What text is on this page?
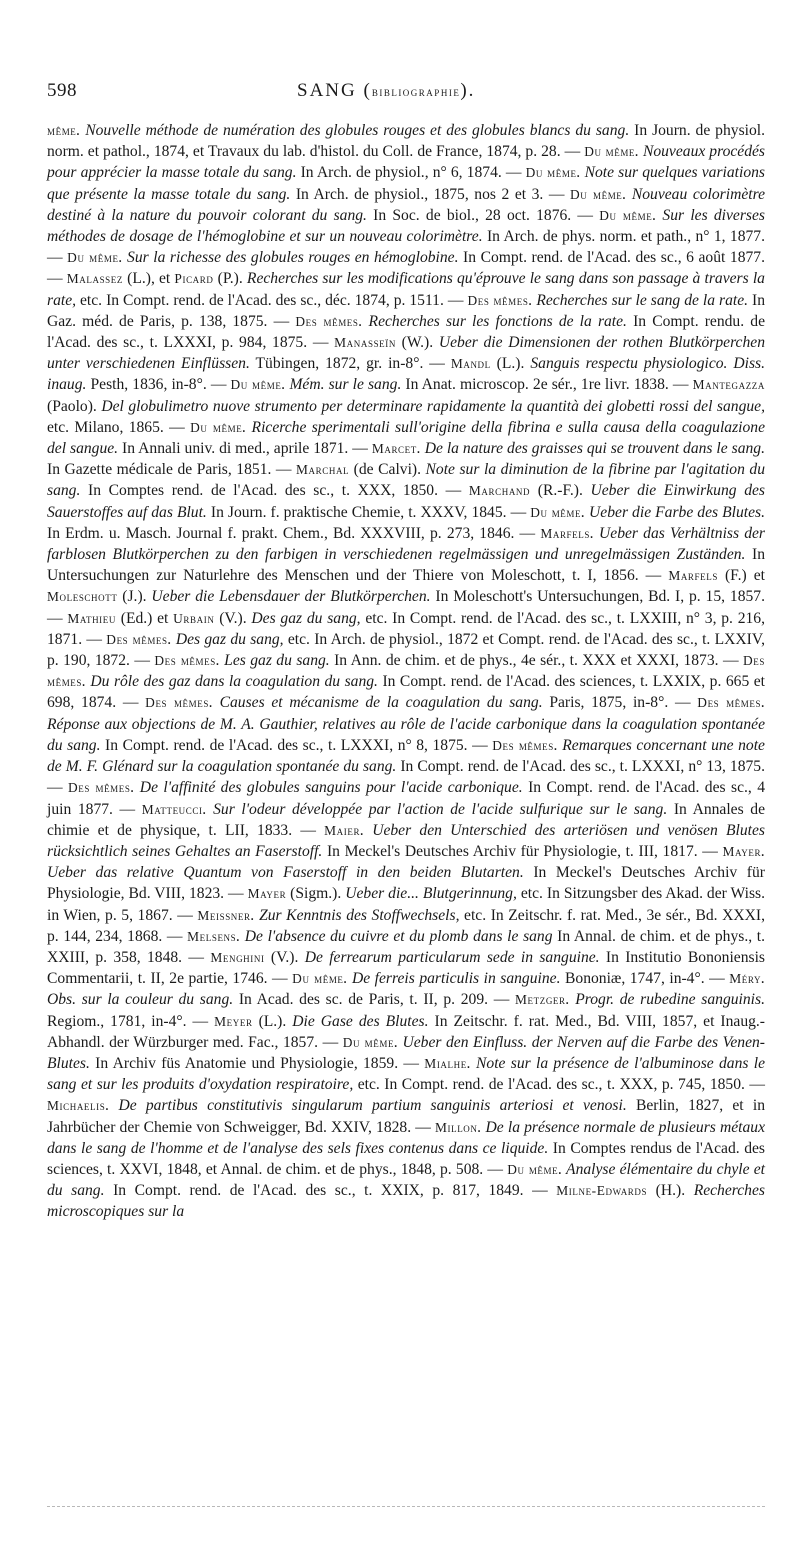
598	SANG (bibliographie).

même. Nouvelle méthode de numération des globules rouges et des globules blancs du sang. In Journ. de physiol. norm. et pathol., 1874, et Travaux du lab. d'histol. du Coll. de France, 1874, p. 28. — Du même. Nouveaux procédés pour apprécier la masse totale du sang. In Arch. de physiol., n° 6, 1874. — Du même. Note sur quelques variations que présente la masse totale du sang. In Arch. de physiol., 1875, nos 2 et 3. — Du même. Nouveau colorimètre destiné à la nature du pouvoir colorant du sang. In Soc. de biol., 28 oct. 1876. — Du même. Sur les diverses méthodes de dosage de l'hémoglobine et sur un nouveau colorimètre. In Arch. de phys. norm. et path., n° 1, 1877. — Du même. Sur la richesse des globules rouges en hémoglobine. In Compt. rend. de l'Acad. des sc., 6 août 1877. — Malassez (L.), et Picard (P.). Recherches sur les modifications qu'éprouve le sang dans son passage à travers la rate, etc. In Compt. rend. de l'Acad. des sc., déc. 1874, p. 1511. — Des mêmes. Recherches sur le sang de la rate. In Gaz. méd. de Paris, p. 138, 1875. — Des mêmes. Recherches sur les fonctions de la rate. In Compt. rendu. de l'Acad. des sc., t. LXXXI, p. 984, 1875. — Manasseïn (W.). Ueber die Dimensionen der rothen Blutkörperchen unter verschiedenen Einflüssen. Tübingen, 1872, gr. in-8°. — Mandl (L.). Sanguis respectu physiologico. Diss. inaug. Pesth, 1836, in-8°. — Du même. Mém. sur le sang. In Anat. microscop. 2e sér., 1re livr. 1838. — Mantegazza (Paolo). Del globulimetro nuove strumento per determinare rapidamente la quantità dei globetti rossi del sangue, etc. Milano, 1865. — Du même. Ricerche sperimentali sull'origine della fibrina e sulla causa della coagulazione del sangue. In Annali univ. di med., aprile 1871. — Marcet. De la nature des graisses qui se trouvent dans le sang. In Gazette médicale de Paris, 1851. — Marchal (de Calvi). Note sur la diminution de la fibrine par l'agitation du sang. In Comptes rend. de l'Acad. des sc., t. XXX, 1850. — Marchand (R.-F.). Ueber die Einwirkung des Sauerstoffes auf das Blut. In Journ. f. praktische Chemie, t. XXXV, 1845. — Du même. Ueber die Farbe des Blutes. In Erdm. u. Masch. Journal f. prakt. Chem., Bd. XXXVIII, p. 273, 1846. — Marfels. Ueber das Verhältniss der farblosen Blutkörperchen zu den farbigen in verschiedenen regelmässigen und unregelmässigen Zuständen. In Untersuchungen zur Naturlehre des Menschen und der Thiere von Moleschott, t. I, 1856. — Marfels (F.) et Moleschott (J.). Ueber die Lebensdauer der Blutkörperchen. In Moleschott's Untersuchungen, Bd. I, p. 15, 1857. — Mathieu (Ed.) et Urbain (V.). Des gaz du sang, etc. In Compt. rend. de l'Acad. des sc., t. LXXIII, n° 3, p. 216, 1871. — Des mêmes. Des gaz du sang, etc. In Arch. de physiol., 1872 et Compt. rend. de l'Acad. des sc., t. LXXIV, p. 190, 1872. — Des mêmes. Les gaz du sang. In Ann. de chim. et de phys., 4e sér., t. XXX et XXXI, 1873. — Des mêmes. Du rôle des gaz dans la coagulation du sang. In Compt. rend. de l'Acad. des sciences, t. LXXIX, p. 665 et 698, 1874. — Des mêmes. Causes et mécanisme de la coagulation du sang. Paris, 1875, in-8°. — Des mêmes. Réponse aux objections de M. A. Gauthier, relatives au rôle de l'acide carbonique dans la coagulation spontanée du sang. In Compt. rend. de l'Acad. des sc., t. LXXXI, n° 8, 1875. — Des mêmes. Remarques concernant une note de M. F. Glénard sur la coagulation spontanée du sang. In Compt. rend. de l'Acad. des sc., t. LXXXI, n° 13, 1875. — Des mêmes. De l'affinité des globules sanguins pour l'acide carbonique. In Compt. rend. de l'Acad. des sc., 4 juin 1877. — Matteucci. Sur l'odeur développée par l'action de l'acide sulfurique sur le sang. In Annales de chimie et de physique, t. LII, 1833. — Maier. Ueber den Unterschied des arteriösen und venösen Blutes rücksichtlich seines Gehaltes an Faserstoff. In Meckel's Deutsches Archiv für Physiologie, t. III, 1817. — Mayer. Ueber das relative Quantum von Faserstoff in den beiden Blutarten. In Meckel's Deutsches Archiv für Physiologie, Bd. VIII, 1823. — Mayer (Sigm.). Ueber die... Blutgerinnung, etc. In Sitzungsber des Akad. der Wiss. in Wien, p. 5, 1867. — Meissner. Zur Kenntnis des Stoffwechsels, etc. In Zeitschr. f. rat. Med., 3e sér., Bd. XXXI, p. 144, 234, 1868. — Melsens. De l'absence du cuivre et du plomb dans le sang In Annal. de chim. et de phys., t. XXIII, p. 358, 1848. — Menghini (V.). De ferrearum particularum sede in sanguine. In Institutio Bononiensis Commentarii, t. II, 2e partie, 1746. — Du même. De ferreis particulis in sanguine. Bononiæ, 1747, in-4°. — Méry. Obs. sur la couleur du sang. In Acad. des sc. de Paris, t. II, p. 209. — Metzger. Progr. de rubedine sanguinis. Regiom., 1781, in-4°. — Meyer (L.). Die Gase des Blutes. In Zeitschr. f. rat. Med., Bd. VIII, 1857, et Inaug.-Abhandl. der Würzburger med. Fac., 1857. — Du même. Ueber den Einfluss. der Nerven auf die Farbe des Venen-Blutes. In Archiv füs Anatomie und Physiologie, 1859. — Mialhe. Note sur la présence de l'albuminose dans le sang et sur les produits d'oxydation respiratoire, etc. In Compt. rend. de l'Acad. des sc., t. XXX, p. 745, 1850. — Michaelis. De partibus constitutivis singularum partium sanguinis arteriosi et venosi. Berlin, 1827, et in Jahrbücher der Chemie von Schweigger, Bd. XXIV, 1828. — Millon. De la présence normale de plusieurs métaux dans le sang de l'homme et de l'analyse des sels fixes contenus dans ce liquide. In Comptes rendus de l'Acad. des sciences, t. XXVI, 1848, et Annal. de chim. et de phys., 1848, p. 508. — Du même. Analyse élémentaire du chyle et du sang. In Compt. rend. de l'Acad. des sc., t. XXIX, p. 817, 1849. — Milne-Edwards (H.). Recherches microscopiques sur la
